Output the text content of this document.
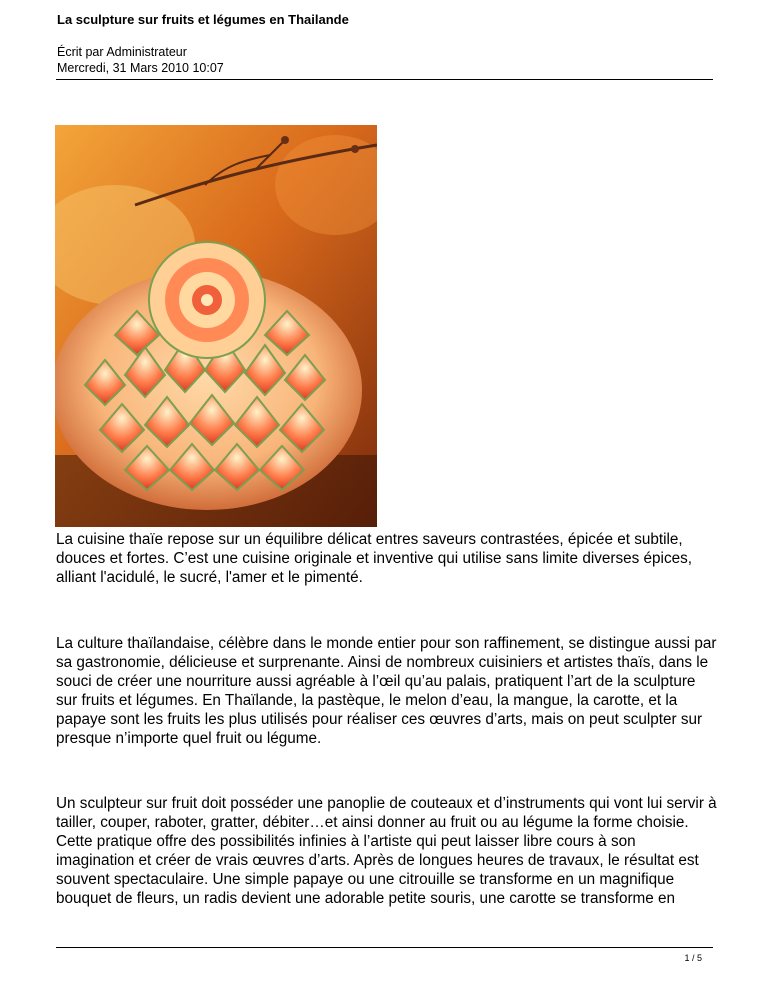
La sculpture sur fruits et légumes en Thailande
Écrit par Administrateur
Mercredi, 31 Mars 2010 10:07

La cuisine thaïe repose sur un équilibre délicat entres saveurs contrastées, épicée et subtile, douces et fortes. C’est une cuisine originale et inventive qui utilise sans limite diverses épices, alliant l'acidulé, le sucré, l'amer et le pimenté.

La culture thaïlandaise, célèbre dans le monde entier pour son raffinement, se distingue aussi par sa gastronomie, délicieuse et surprenante. Ainsi de nombreux cuisiniers et artistes thaïs, dans le souci de créer une nourriture aussi agréable à l’œil qu’au palais, pratiquent l’art de la sculpture sur fruits et légumes. En Thaïlande, la pastèque, le melon d’eau, la mangue, la carotte, et la papaye sont les fruits les plus utilisés pour réaliser ces œuvres d’arts, mais on peut sculpter sur presque n’importe quel fruit ou légume.

Un sculpteur sur fruit doit posséder une panoplie de couteaux et d’instruments qui vont lui servir à tailler, couper, raboter, gratter, débiter…et ainsi donner au fruit ou au légume la forme choisie. Cette pratique offre des possibilités infinies à l’artiste qui peut laisser libre cours à son imagination et créer de vrais œuvres d’arts. Après de longues heures de travaux, le résultat est souvent spectaculaire. Une simple papaye ou une citrouille se transforme en un magnifique bouquet de fleurs, un radis devient une adorable petite souris, une carotte se transforme en

1 / 5
